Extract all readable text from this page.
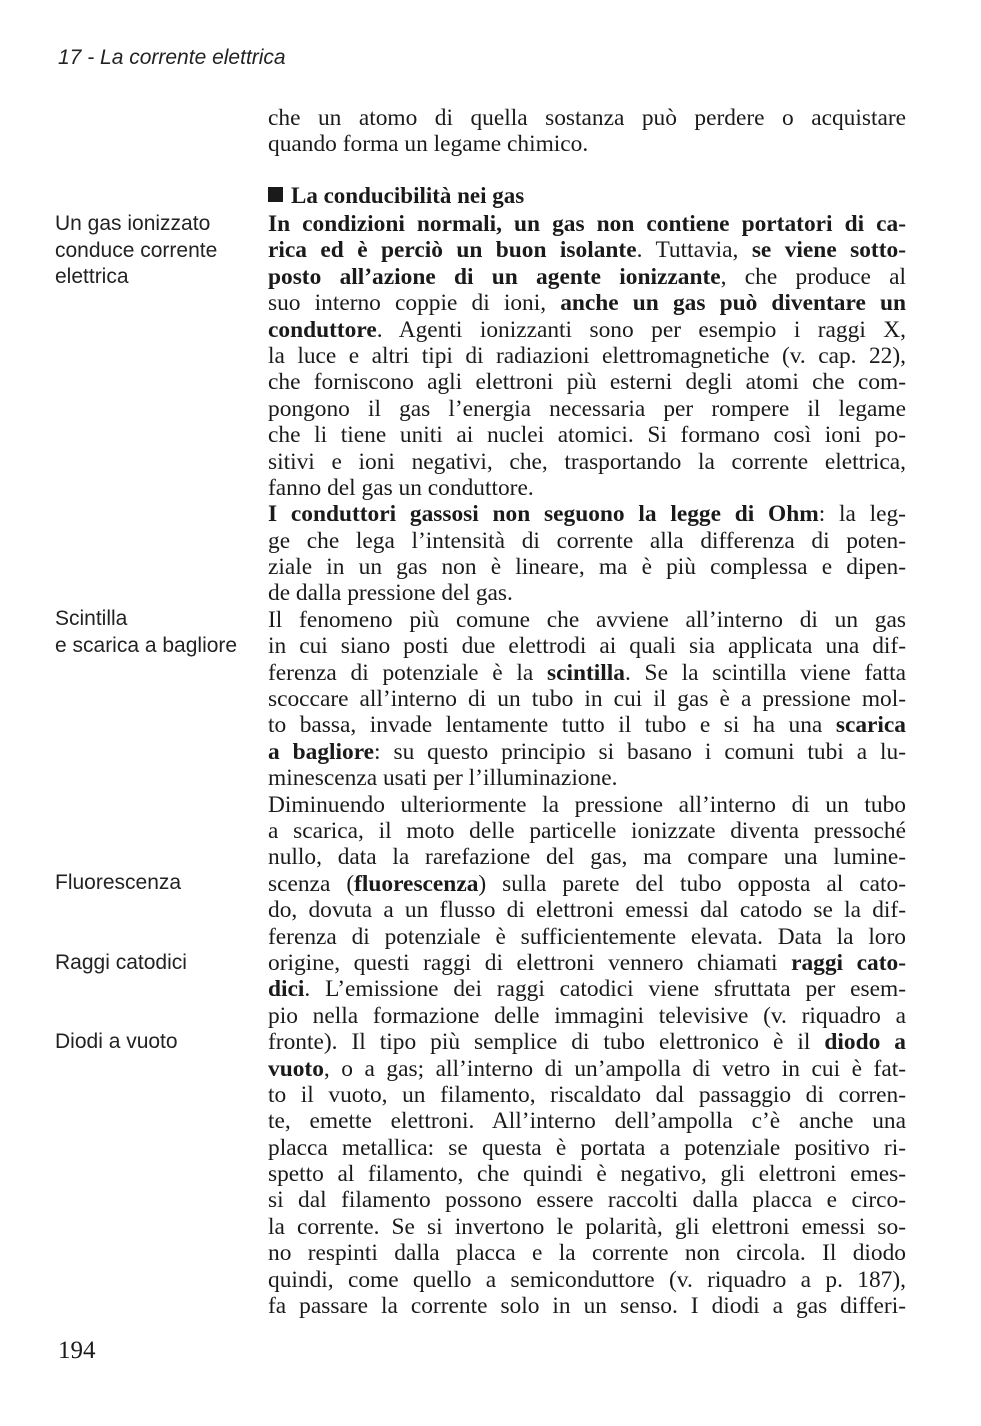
17 - La corrente elettrica
Un gas ionizzato
conduce corrente
elettrica
Scintilla
e scarica a bagliore
Fluorescenza
Raggi catodici
Diodi a vuoto
che un atomo di quella sostanza può perdere o acquistare
quando forma un legame chimico.
La conducibilità nei gas
In condizioni normali, un gas non contiene portatori di ca-
rica ed è perciò un buon isolante. Tuttavia, se viene sotto-
posto all’azione di un agente ionizzante, che produce al
suo interno coppie di ioni, anche un gas può diventare un
conduttore. Agenti ionizzanti sono per esempio i raggi X,
la luce e altri tipi di radiazioni elettromagnetiche (v. cap. 22),
che forniscono agli elettroni più esterni degli atomi che com-
pongono il gas l’energia necessaria per rompere il legame
che li tiene uniti ai nuclei atomici. Si formano così ioni po-
sitivi e ioni negativi, che, trasportando la corrente elettrica,
fanno del gas un conduttore.
I conduttori gassosi non seguono la legge di Ohm: la leg-
ge che lega l’intensità di corrente alla differenza di poten-
ziale in un gas non è lineare, ma è più complessa e dipen-
de dalla pressione del gas.
Il fenomeno più comune che avviene all’interno di un gas
in cui siano posti due elettrodi ai quali sia applicata una dif-
ferenza di potenziale è la scintilla. Se la scintilla viene fatta
scoccare all’interno di un tubo in cui il gas è a pressione mol-
to bassa, invade lentamente tutto il tubo e si ha una scarica
a bagliore: su questo principio si basano i comuni tubi a lu-
minescenza usati per l’illuminazione.
Diminuendo ulteriormente la pressione all’interno di un tubo
a scarica, il moto delle particelle ionizzate diventa pressoché
nullo, data la rarefazione del gas, ma compare una lumine-
scenza (fluorescenza) sulla parete del tubo opposta al cato-
do, dovuta a un flusso di elettroni emessi dal catodo se la dif-
ferenza di potenziale è sufficientemente elevata. Data la loro
origine, questi raggi di elettroni vennero chiamati raggi cato-
dici. L’emissione dei raggi catodici viene sfruttata per esem-
pio nella formazione delle immagini televisive (v. riquadro a
fronte). Il tipo più semplice di tubo elettronico è il diodo a
vuoto, o a gas; all’interno di un’ampolla di vetro in cui è fat-
to il vuoto, un filamento, riscaldato dal passaggio di corren-
te, emette elettroni. All’interno dell’ampolla c’è anche una
placca metallica: se questa è portata a potenziale positivo ri-
spetto al filamento, che quindi è negativo, gli elettroni emes-
si dal filamento possono essere raccolti dalla placca e circo-
la corrente. Se si invertono le polarità, gli elettroni emessi so-
no respinti dalla placca e la corrente non circola. Il diodo
quindi, come quello a semiconduttore (v. riquadro a p. 187),
fa passare la corrente solo in un senso. I diodi a gas differi-
194
